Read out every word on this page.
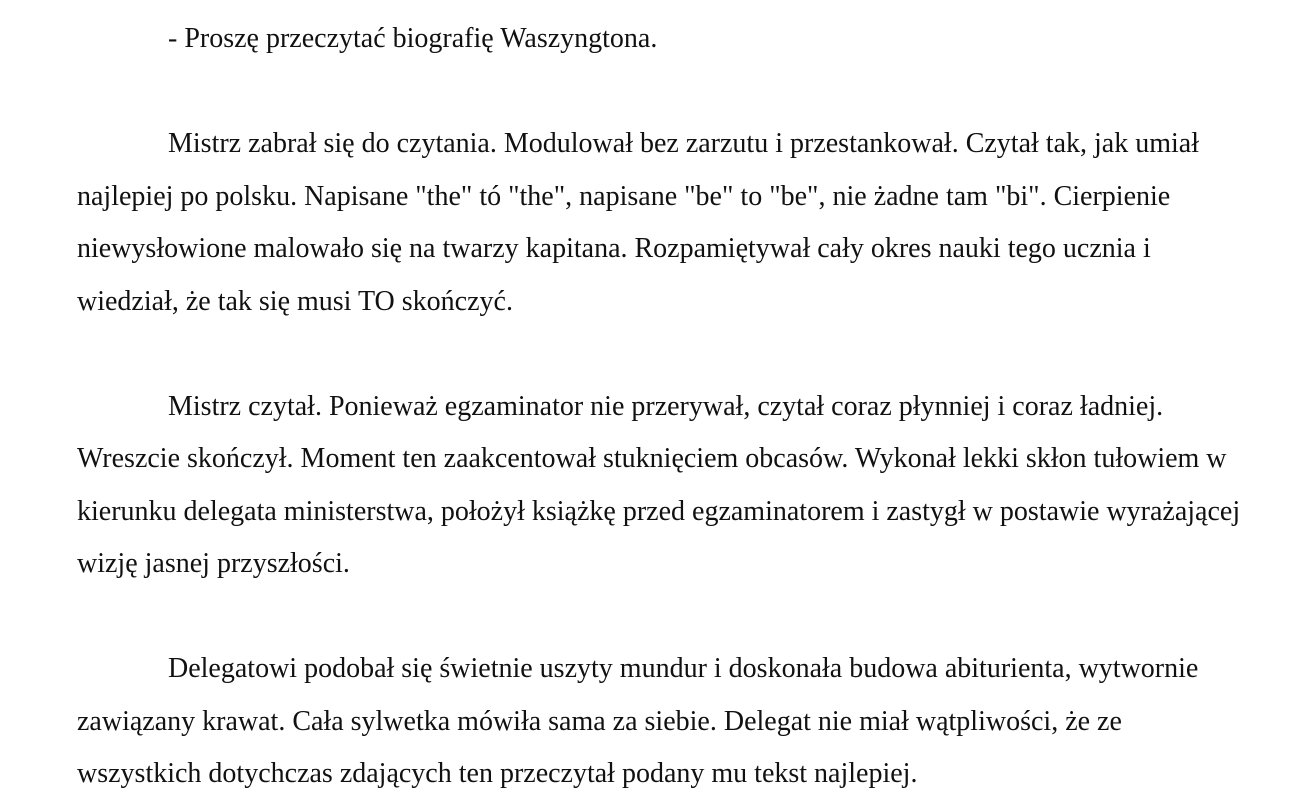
- Proszę przeczytać biografię Waszyngtona.

Mistrz zabrał się do czytania. Modulował bez zarzutu i przestankował. Czytał tak, jak umiał najlepiej po polsku. Napisane "the" tó "the", napisane "be" to "be", nie żadne tam "bi". Cierpienie niewysłowione malowało się na twarzy kapitana. Rozpamiętywał cały okres nauki tego ucznia i wiedział, że tak się musi TO skończyć.

Mistrz czytał. Ponieważ egzaminator nie przerywał, czytał coraz płynniej i coraz ładniej. Wreszcie skończył. Moment ten zaakcentował stuknięciem obcasów. Wykonał lekki skłon tułowiem w kierunku delegata ministerstwa, położył książkę przed egzaminatorem i zastygł w postawie wyrażającej wizję jasnej przyszłości.

Delegatowi podobał się świetnie uszyty mundur i doskonała budowa abiturienta, wytwornie zawiązany krawat. Cała sylwetka mówiła sama za siebie. Delegat nie miał wątpliwości, że ze wszystkich dotychczas zdających ten przeczytał podany mu tekst najlepiej.
